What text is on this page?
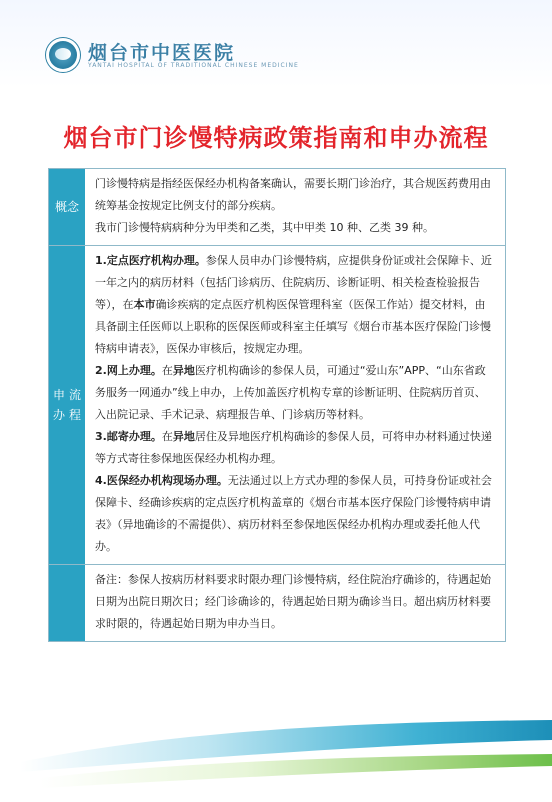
烟台市中医医院
YANTAI HOSPITAL OF TRADITIONAL CHINESE MEDICINE
烟台市门诊慢特病政策指南和申办流程
概念

门诊慢特病是指经医保经办机构备案确认，需要长期门诊治疗，其合规医药费用由统筹基金按规定比例支付的部分疾病。

我市门诊慢特病病种分为甲类和乙类，其中甲类 10 种、乙类 39 种。

申办

流程

1.定点医疗机构办理。参保人员申办门诊慢特病，应提供身份证或社会保障卡、近一年之内的病历材料（包括门诊病历、住院病历、诊断证明、相关检查检验报告等），在本市确诊疾病的定点医疗机构医保管理科室（医保工作站）提交材料，由具备副主任医师以上职称的医保医师或科室主任填写《烟台市基本医疗保险门诊慢特病申请表》，医保办审核后，按规定办理。

2.网上办理。在异地医疗机构确诊的参保人员，可通过“爱山东”APP、“山东省政务服务一网通办”线上申办，上传加盖医疗机构专章的诊断证明、住院病历首页、入出院记录、手术记录、病理报告单、门诊病历等材料。

3.邮寄办理。在异地居住及异地医疗机构确诊的参保人员，可将申办材料通过快递等方式寄往参保地医保经办机构办理。

4.医保经办机构现场办理。无法通过以上方式办理的参保人员，可持身份证或社会保障卡、经确诊疾病的定点医疗机构盖章的《烟台市基本医疗保险门诊慢特病申请表》（异地确诊的不需提供）、病历材料至参保地医保经办机构办理或委托他人代办。

备注：参保人按病历材料要求时限办理门诊慢特病，经住院治疗确诊的，待遇起始日期为出院日期次日；经门诊确诊的，待遇起始日期为确诊当日。超出病历材料要求时限的，待遇起始日期为申办当日。
